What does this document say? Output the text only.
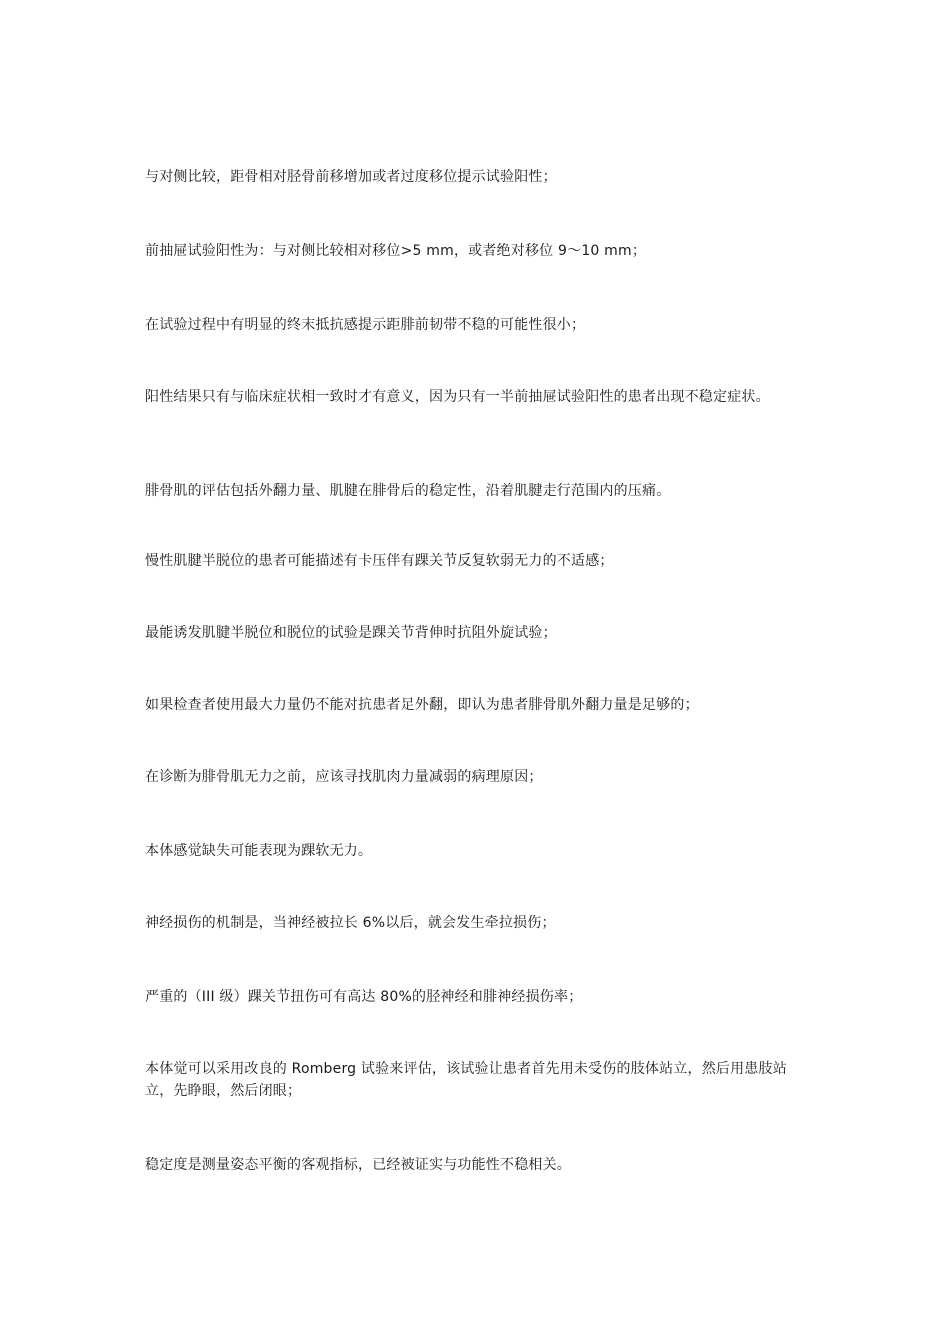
与对侧比较，距骨相对胫骨前移增加或者过度移位提示试验阳性；

前抽屉试验阳性为：与对侧比较相对移位>5 mm，或者绝对移位 9～10 mm；

在试验过程中有明显的终末抵抗感提示距腓前韧带不稳的可能性很小；

阳性结果只有与临床症状相一致时才有意义，因为只有一半前抽屉试验阳性的患者出现不稳定症状。

腓骨肌的评估包括外翻力量、肌腱在腓骨后的稳定性，沿着肌腱走行范围内的压痛。

慢性肌腱半脱位的患者可能描述有卡压伴有踝关节反复软弱无力的不适感；

最能诱发肌腱半脱位和脱位的试验是踝关节背伸时抗阻外旋试验；

如果检查者使用最大力量仍不能对抗患者足外翻，即认为患者腓骨肌外翻力量是足够的；

在诊断为腓骨肌无力之前，应该寻找肌肉力量减弱的病理原因；

本体感觉缺失可能表现为踝软无力。

神经损伤的机制是，当神经被拉长 6%以后，就会发生牵拉损伤；

严重的（III 级）踝关节扭伤可有高达 80%的胫神经和腓神经损伤率；

本体觉可以采用改良的 Romberg 试验来评估，该试验让患者首先用未受伤的肢体站立，然后用患肢站立，先睁眼，然后闭眼；

稳定度是测量姿态平衡的客观指标，已经被证实与功能性不稳相关。
